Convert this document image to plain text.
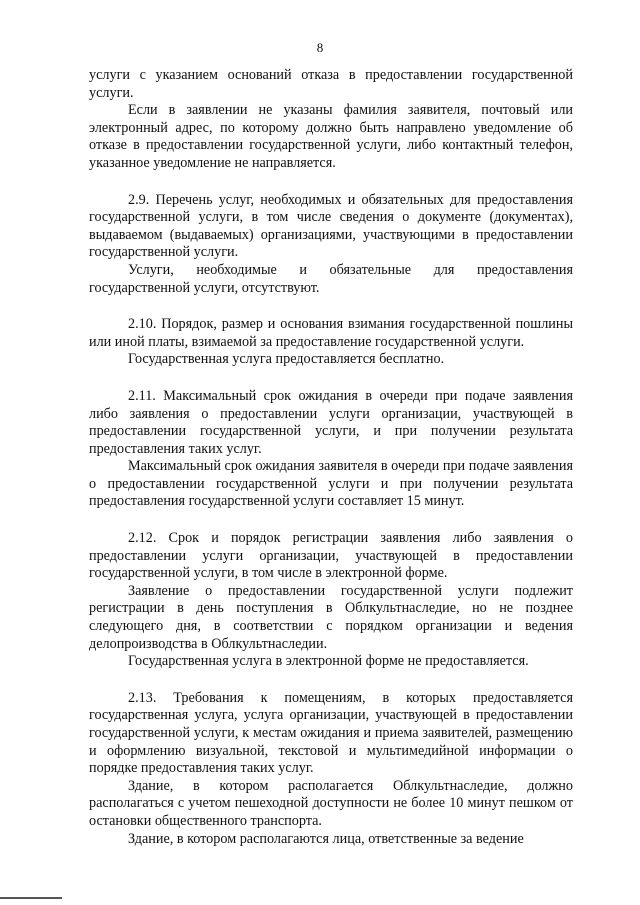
8

услуги с указанием оснований отказа в предоставлении государственной услуги.

Если в заявлении не указаны фамилия заявителя, почтовый или электронный адрес, по которому должно быть направлено уведомление об отказе в предоставлении государственной услуги, либо контактный телефон, указанное уведомление не направляется.

2.9. Перечень услуг, необходимых и обязательных для предоставления государственной услуги, в том числе сведения о документе (документах), выдаваемом (выдаваемых) организациями, участвующими в предоставлении государственной услуги.

Услуги, необходимые и обязательные для предоставления государственной услуги, отсутствуют.

2.10. Порядок, размер и основания взимания государственной пошлины или иной платы, взимаемой за предоставление государственной услуги.

Государственная услуга предоставляется бесплатно.

2.11. Максимальный срок ожидания в очереди при подаче заявления либо заявления о предоставлении услуги организации, участвующей в предоставлении государственной услуги, и при получении результата предоставления таких услуг.

Максимальный срок ожидания заявителя в очереди при подаче заявления о предоставлении государственной услуги и при получении результата предоставления государственной услуги составляет 15 минут.

2.12. Срок и порядок регистрации заявления либо заявления о предоставлении услуги организации, участвующей в предоставлении государственной услуги, в том числе в электронной форме.

Заявление о предоставлении государственной услуги подлежит регистрации в день поступления в Облкультнаследие, но не позднее следующего дня, в соответствии с порядком организации и ведения делопроизводства в Облкультнаследии.

Государственная услуга в электронной форме не предоставляется.

2.13. Требования к помещениям, в которых предоставляется государственная услуга, услуга организации, участвующей в предоставлении государственной услуги, к местам ожидания и приема заявителей, размещению и оформлению визуальной, текстовой и мультимедийной информации о порядке предоставления таких услуг.

Здание, в котором располагается Облкультнаследие, должно располагаться с учетом пешеходной доступности не более 10 минут пешком от остановки общественного транспорта.

Здание, в котором располагаются лица, ответственные за ведение
